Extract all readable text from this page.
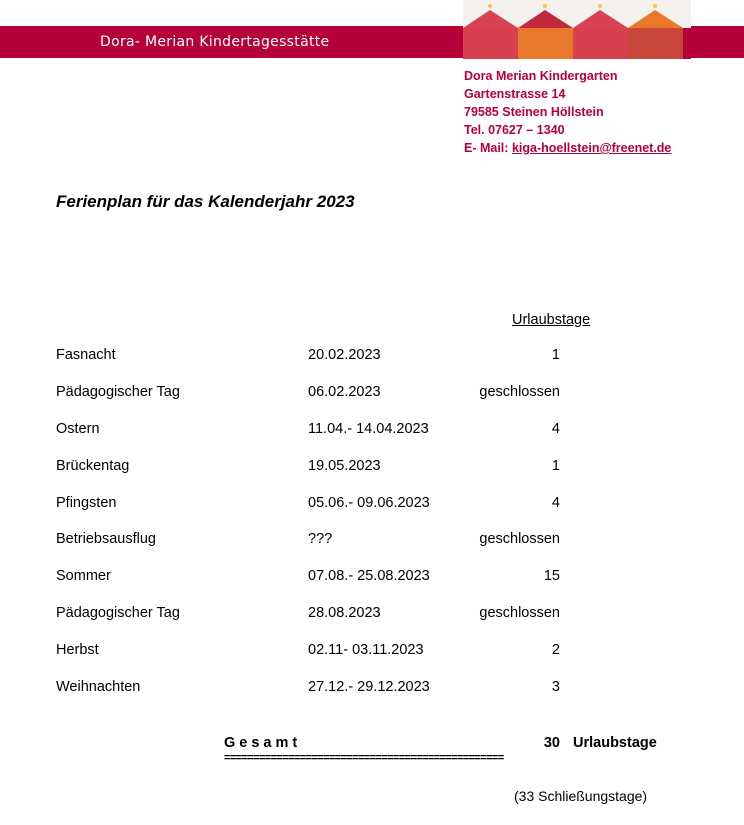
Dora- Merian Kindertagesstätte
Dora Merian Kindergarten
Gartenstrasse 14
79585 Steinen Höllstein
Tel. 07627 – 1340
E- Mail: kiga-hoellstein@freenet.de
Ferienplan für das Kalenderjahr 2023
Urlaubstage
Fasnacht	20.02.2023	1
Pädagogischer Tag	06.02.2023	geschlossen
Ostern	11.04.- 14.04.2023	4
Brückentag	19.05.2023	1
Pfingsten	05.06.- 09.06.2023	4
Betriebsausflug	???	geschlossen
Sommer	07.08.- 25.08.2023	15
Pädagogischer Tag	28.08.2023	geschlossen
Herbst	02.11- 03.11.2023	2
Weihnachten	27.12.- 29.12.2023	3
Gesamt	30 Urlaubstage
================================================
(33 Schließungstage)
